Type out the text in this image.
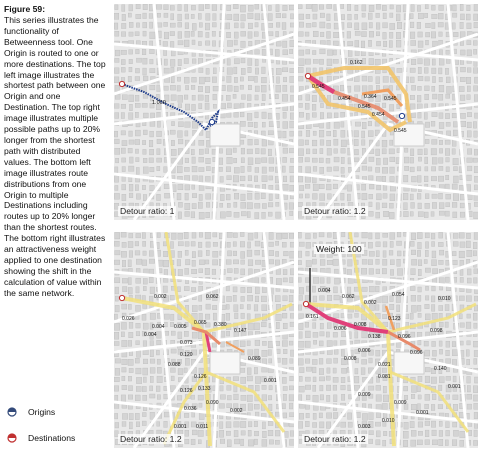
Figure 59:
This series illustrates the functionality of Betweenness tool. One Origin is routed to one or more destinations. The top left image illustrates the shortest path between one Origin and one Destination. The top right image illustrates multiple possible paths up to 20% longer from the shortest path with distributed values. The bottom left image illustrates route distributions from one Origin to multiple Destinations including routes up to 20% longer than the shortest routes. The bottom right illustrates an attractiveness weight applied to one destination showing the shift in the calculation of value within the same network.
Origins
Destinations
1.000
Detour ratio: 1
0.162
0.545
0.454	0.364 0.545
0.545
0.454
0.545
Detour ratio: 1.2
0.002	0.062
0.026
0.004
0.004
0.005
0.065 0.380
0.073
0.147
0.120
0.088
0.089
0.126
0.126 0.133
0.090
0.036	0.002
0.001
0.001 0.011
Detour ratio: 1.2
0.004
0.062	0.054
0.010
0.002
0.161
0.006
0.008
0.123
0.098
0.138	0.096
0.096
0.006
0.008
0.021
0.081
0.140
0.001
0.001
0.009
0.009
0.010
0.003
Weight: 100
Detour ratio: 1.2
